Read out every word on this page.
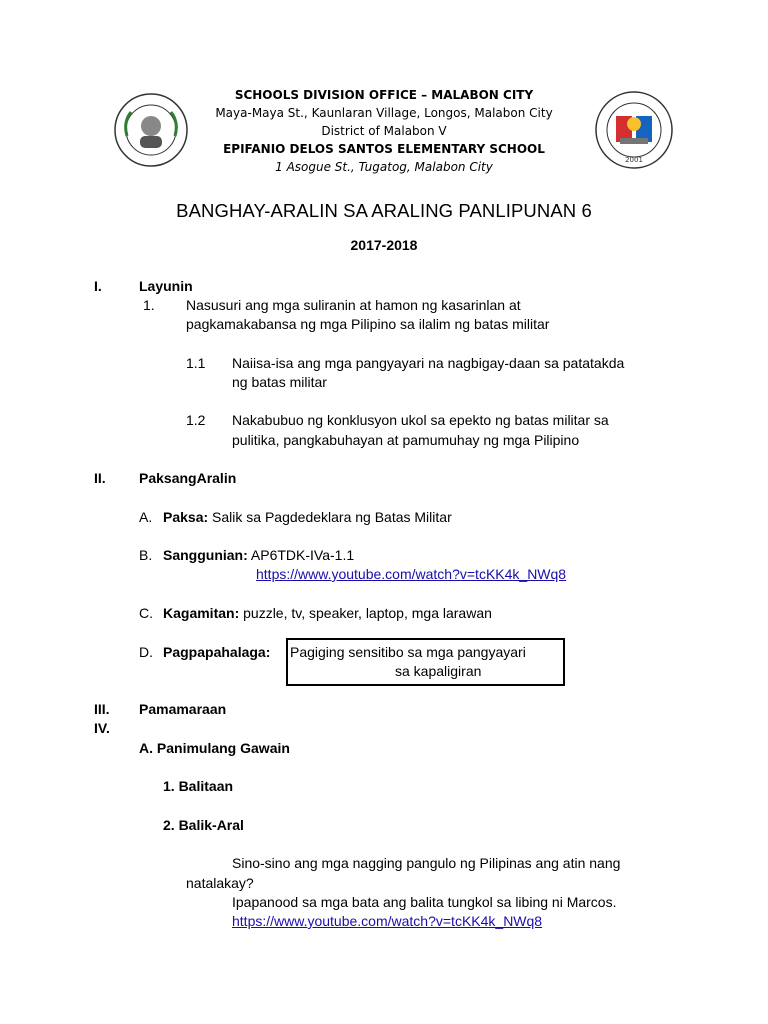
2001
SCHOOLS DIVISION OFFICE – MALABON CITY
Maya-Maya St., Kaunlaran Village, Longos, Malabon City
District of Malabon V
EPIFANIO DELOS SANTOS ELEMENTARY SCHOOL
1 Asogue St., Tugatog, Malabon City
BANGHAY-ARALIN SA ARALING PANLIPUNAN 6
2017-2018
I.	Layunin
1. Nasusuri ang mga suliranin at hamon ng kasarinlan at
pagkamakabansa ng mga Pilipino sa ilalim ng batas militar
1.1 Naiisa-isa ang mga pangyayari na nagbigay-daan sa patatakda
ng batas militar
1.2 Nakabubuo ng konklusyon ukol sa epekto ng batas militar sa
pulitika, pangkabuhayan at pamumuhay ng mga Pilipino
II. PaksangAralin
A. Paksa: Salik sa Pagdedeklara ng Batas Militar
B. Sanggunian: AP6TDK-IVa-1.1
https://www.youtube.com/watch?v=tcKK4k_NWq8
C. Kagamitan: puzzle, tv, speaker, laptop, mga larawan
D. Pagpapahalaga: Pagiging sensitibo sa mga pangyayari
sa kapaligiran
III. Pamamaraan
IV.
A. Panimulang Gawain
1. Balitaan
2. Balik-Aral
Sino-sino ang mga nagging pangulo ng Pilipinas ang atin nang
natalakay?
Ipapanood sa mga bata ang balita tungkol sa libing ni Marcos.
https://www.youtube.com/watch?v=tcKK4k_NWq8
